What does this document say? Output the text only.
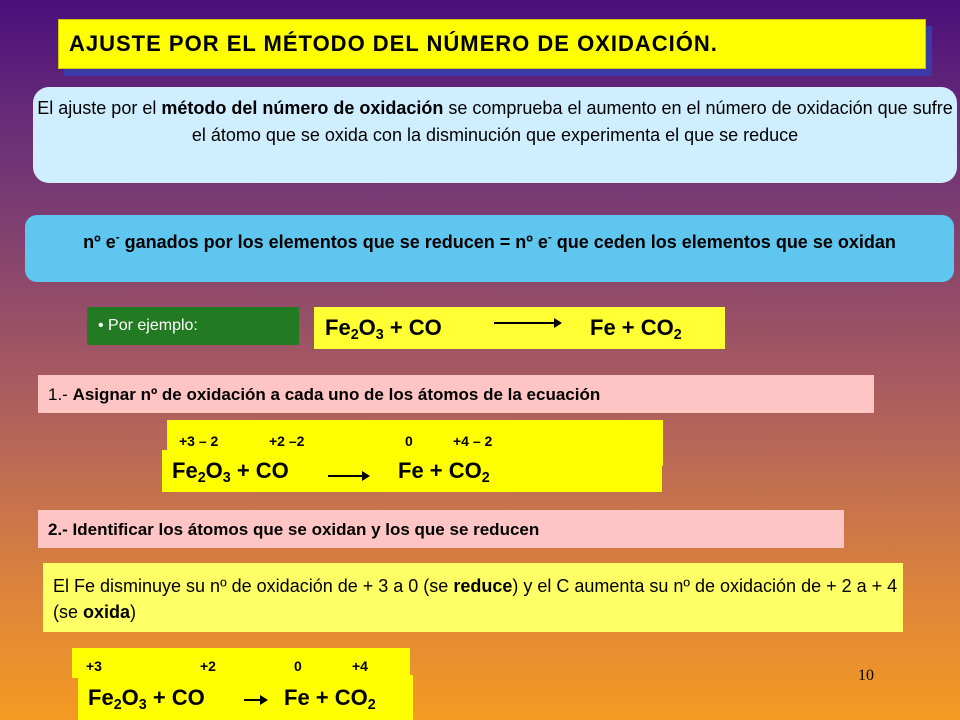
AJUSTE POR EL MÉTODO DEL NÚMERO DE OXIDACIÓN.
El ajuste por el método del número de oxidación se comprueba el aumento en el número de oxidación que sufre el átomo que se oxida con la disminución que experimenta el que se reduce
nº e- ganados por los elementos que se reducen = nº e- que ceden los elementos que se oxidan
• Por ejemplo:	$Fe_2O_3$ + CO	$Fe + CO_2$
1.- Asignar nº de oxidación a cada uno de los átomos de la ecuación
+3 – 2	+2 –2	0	+4 – 2
$Fe_2O_3$ + CO	$Fe + CO_2$
2.- Identificar los átomos que se oxidan y los que se reducen
El Fe disminuye su nº de oxidación de + 3 a 0 (se reduce) y el C aumenta su nº de oxidación de + 2 a + 4 (se oxida)
+3	+2	0	+4
$Fe_2O_3$ + CO → $Fe + CO_2$
10
